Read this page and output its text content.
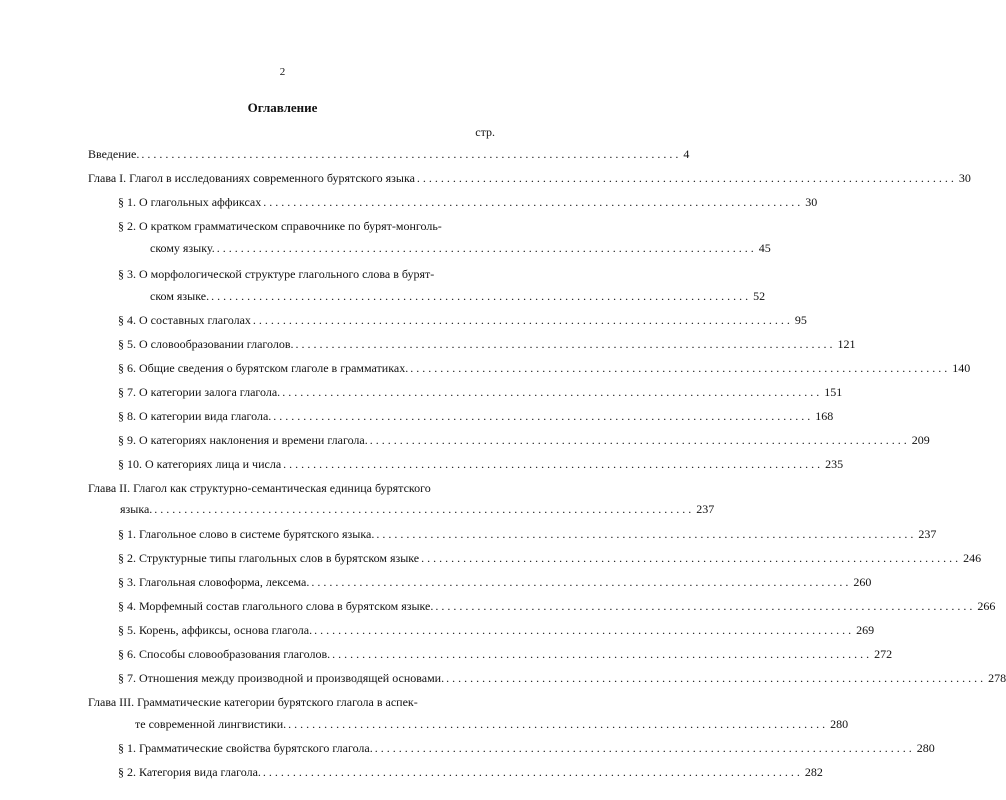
2
Оглавление
стр.
Введение. .......................................................................................... 4
Глава I. Глагол в исследованиях современного бурятского языка .......................................................................................... 30
§ 1. О глагольных аффиксах .......................................................................................... 30
§ 2. О кратком грамматическом справочнике по бурят-монголь-
скому языку. .......................................................................................... 45
§ 3. О морфологической структуре глагольного слова в бурят-
ском языке. .......................................................................................... 52
§ 4. О составных глаголах .......................................................................................... 95
§ 5. О словообразовании глаголов. .......................................................................................... 121
§ 6. Общие сведения о бурятском глаголе в грамматиках. .......................................................................................... 140
§ 7. О категории залога глагола. .......................................................................................... 151
§ 8. О категории вида глагола. .......................................................................................... 168
§ 9. О категориях наклонения и времени глагола. .......................................................................................... 209
§ 10. О категориях лица и числа .......................................................................................... 235
Глава II. Глагол как структурно-семантическая единица бурятского
языка. .......................................................................................... 237
§ 1. Глагольное слово в системе бурятского языка. .......................................................................................... 237
§ 2. Структурные типы глагольных слов в бурятском языке .......................................................................................... 246
§ 3. Глагольная словоформа, лексема. .......................................................................................... 260
§ 4. Морфемный состав глагольного слова в бурятском языке. .......................................................................................... 266
§ 5. Корень, аффиксы, основа глагола. .......................................................................................... 269
§ 6. Способы словообразования глаголов. .......................................................................................... 272
§ 7. Отношения между производной и производящей основами. .......................................................................................... 278
Глава III. Грамматические категории бурятского глагола в аспек-
те современной лингвистики. .......................................................................................... 280
§ 1. Грамматические свойства бурятского глагола. .......................................................................................... 280
§ 2. Категория вида глагола. .......................................................................................... 282
